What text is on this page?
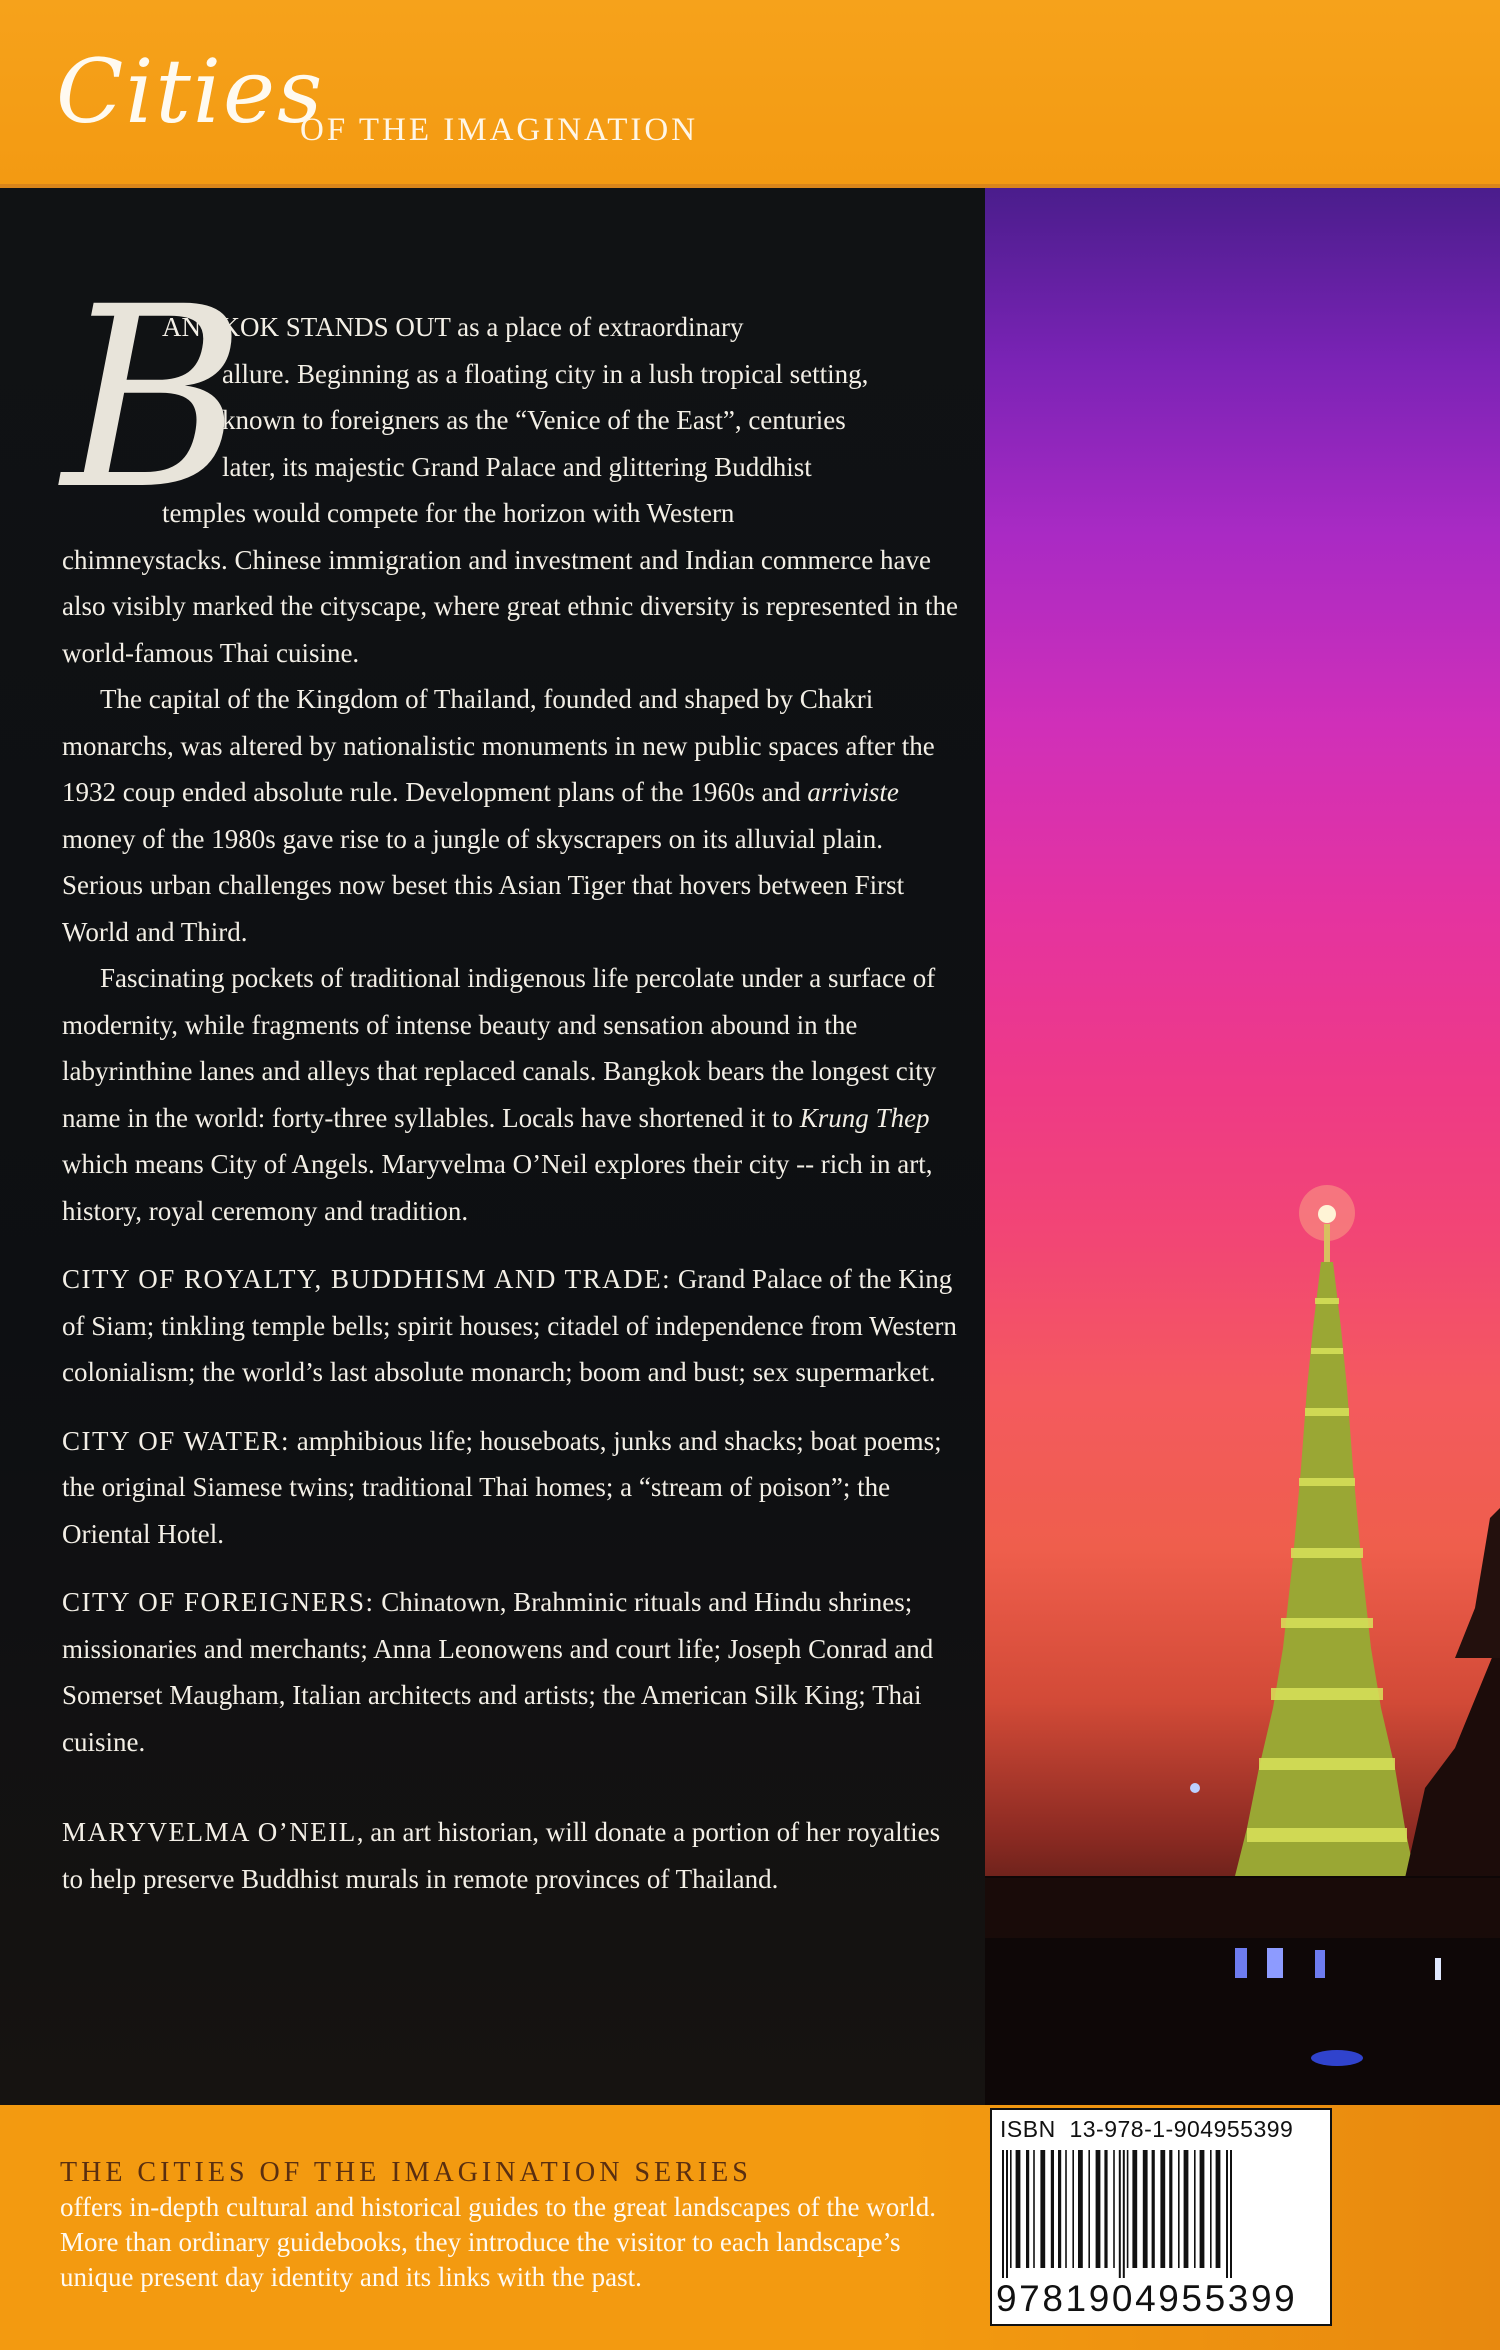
Cities
OF THE IMAGINATION
B

ANGKOK STANDS OUT as a place of extraordinary

allure. Beginning as a floating city in a lush tropical setting,

known to foreigners as the “Venice of the East”, centuries

later, its majestic Grand Palace and glittering Buddhist

temples would compete for the horizon with Western

chimneystacks. Chinese immigration and investment and Indian commerce have also visibly marked the cityscape, where great ethnic diversity is represented in the world-famous Thai cuisine.

The capital of the Kingdom of Thailand, founded and shaped by Chakri monarchs, was altered by nationalistic monuments in new public spaces after the 1932 coup ended absolute rule. Development plans of the 1960s and arriviste money of the 1980s gave rise to a jungle of skyscrapers on its alluvial plain. Serious urban challenges now beset this Asian Tiger that hovers between First World and Third.

Fascinating pockets of traditional indigenous life percolate under a surface of modernity, while fragments of intense beauty and sensation abound in the labyrinthine lanes and alleys that replaced canals. Bangkok bears the longest city name in the world: forty-three syllables. Locals have shortened it to Krung Thep which means City of Angels. Maryvelma O’Neil explores their city -- rich in art, history, royal ceremony and tradition.

CITY OF ROYALTY, BUDDHISM AND TRADE: Grand Palace of the King of Siam; tinkling temple bells; spirit houses; citadel of independence from Western colonialism; the world’s last absolute monarch; boom and bust; sex supermarket.

CITY OF WATER: amphibious life; houseboats, junks and shacks; boat poems; the original Siamese twins; traditional Thai homes; a “stream of poison”; the Oriental Hotel.

CITY OF FOREIGNERS: Chinatown, Brahminic rituals and Hindu shrines; missionaries and merchants; Anna Leonowens and court life; Joseph Conrad and Somerset Maugham, Italian architects and artists; the American Silk King; Thai cuisine.

MARYVELMA O’NEIL, an art historian, will donate a portion of her royalties to help preserve Buddhist murals in remote provinces of Thailand.

THE CITIES OF THE IMAGINATION SERIES
offers in-depth cultural and historical guides to the great landscapes of the world. More than ordinary guidebooks, they introduce the visitor to each landscape’s unique present day identity and its links with the past.
ISBN 13-978-1-904955399
9781904955399
